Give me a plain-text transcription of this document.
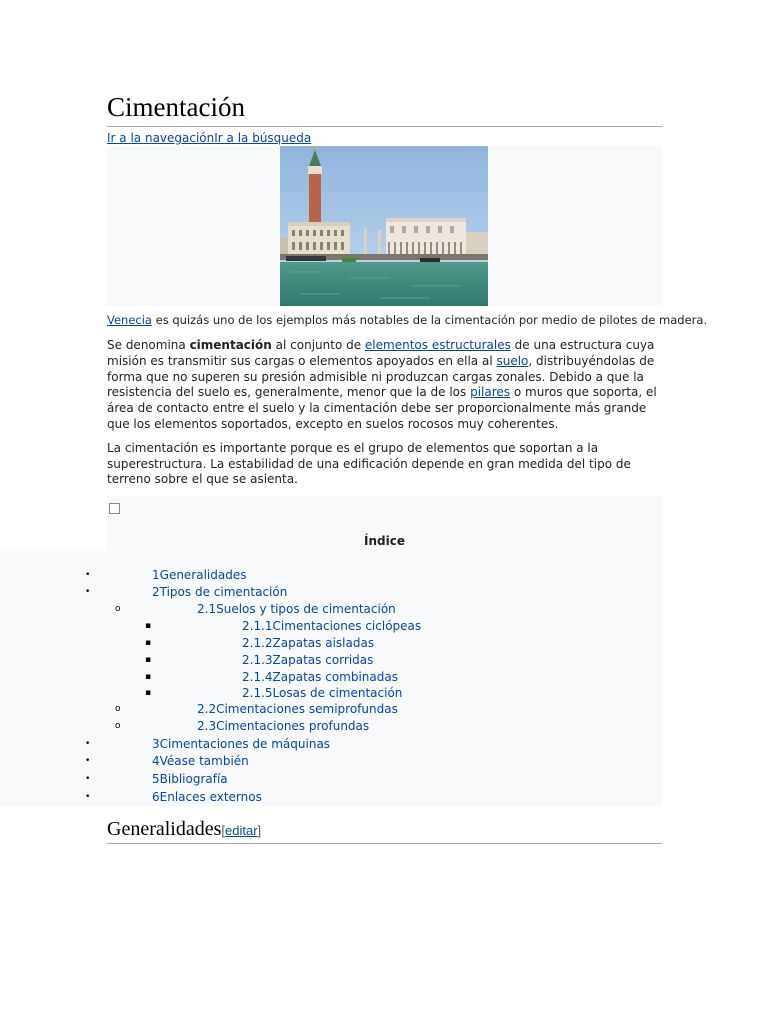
Cimentación
Ir a la navegaciónIr a la búsqueda

Venecia es quizás uno de los ejemplos más notables de la cimentación por medio de pilotes de madera.

Se denomina cimentación al conjunto de elementos estructurales de una estructura cuya misión es transmitir sus cargas o elementos apoyados en ella al suelo, distribuyéndolas de forma que no superen su presión admisible ni produzcan cargas zonales. Debido a que la resistencia del suelo es, generalmente, menor que la de los pilares o muros que soporta, el área de contacto entre el suelo y la cimentación debe ser proporcionalmente más grande que los elementos soportados, excepto en suelos rocosos muy coherentes.

La cimentación es importante porque es el grupo de elementos que soportan a la superestructura. La estabilidad de una edificación depende en gran medida del tipo de terreno sobre el que se asienta.

Índice
•	1Generalidades
•	2Tipos de cimentación
o	2.1Suelos y tipos de cimentación
▪	2.1.1Cimentaciones ciclópeas
▪	2.1.2Zapatas aisladas
▪	2.1.3Zapatas corridas
▪	2.1.4Zapatas combinadas
▪	2.1.5Losas de cimentación
o	2.2Cimentaciones semiprofundas
o	2.3Cimentaciones profundas
•	3Cimentaciones de máquinas
•	4Véase también
•	5Bibliografía
•	6Enlaces externos
Generalidades[editar]
